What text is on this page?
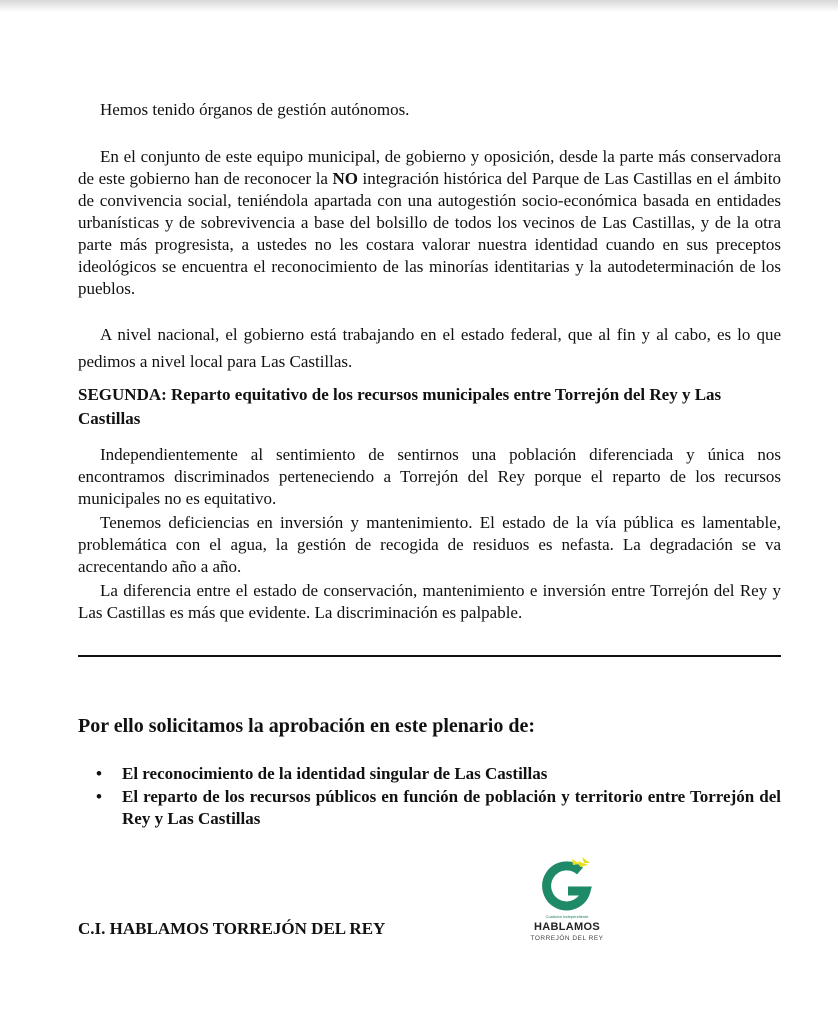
Hemos tenido órganos de gestión autónomos.

En el conjunto de este equipo municipal, de gobierno y oposición, desde la parte más conservadora de este gobierno han de reconocer la NO integración histórica del Parque de Las Castillas en el ámbito de convivencia social, teniéndola apartada con una autogestión socio-económica basada en entidades urbanísticas y de sobrevivencia a base del bolsillo de todos los vecinos de Las Castillas, y de la otra parte más progresista, a ustedes no les costara valorar nuestra identidad cuando en sus preceptos ideológicos se encuentra el reconocimiento de las minorías identitarias y la autodeterminación de los pueblos.

A nivel nacional, el gobierno está trabajando en el estado federal, que al fin y al cabo, es lo que pedimos a nivel local para Las Castillas.

SEGUNDA: Reparto equitativo de los recursos municipales entre Torrejón del Rey y Las Castillas

Independientemente al sentimiento de sentirnos una población diferenciada y única nos encontramos discriminados perteneciendo a Torrejón del Rey porque el reparto de los recursos municipales no es equitativo.

Tenemos deficiencias en inversión y mantenimiento. El estado de la vía pública es lamentable, problemática con el agua, la gestión de recogida de residuos es nefasta. La degradación se va acrecentando año a año.

La diferencia entre el estado de conservación, mantenimiento e inversión entre Torrejón del Rey y Las Castillas es más que evidente. La discriminación es palpable.

Por ello solicitamos la aprobación en este plenario de:
• El reconocimiento de la identidad singular de Las Castillas
• El reparto de los recursos públicos en función de población y territorio entre Torrejón del Rey y Las Castillas
C.I. HABLAMOS TORREJÓN DEL REY
Coalición Independiente
HABLAMOS
TORREJÓN DEL REY
